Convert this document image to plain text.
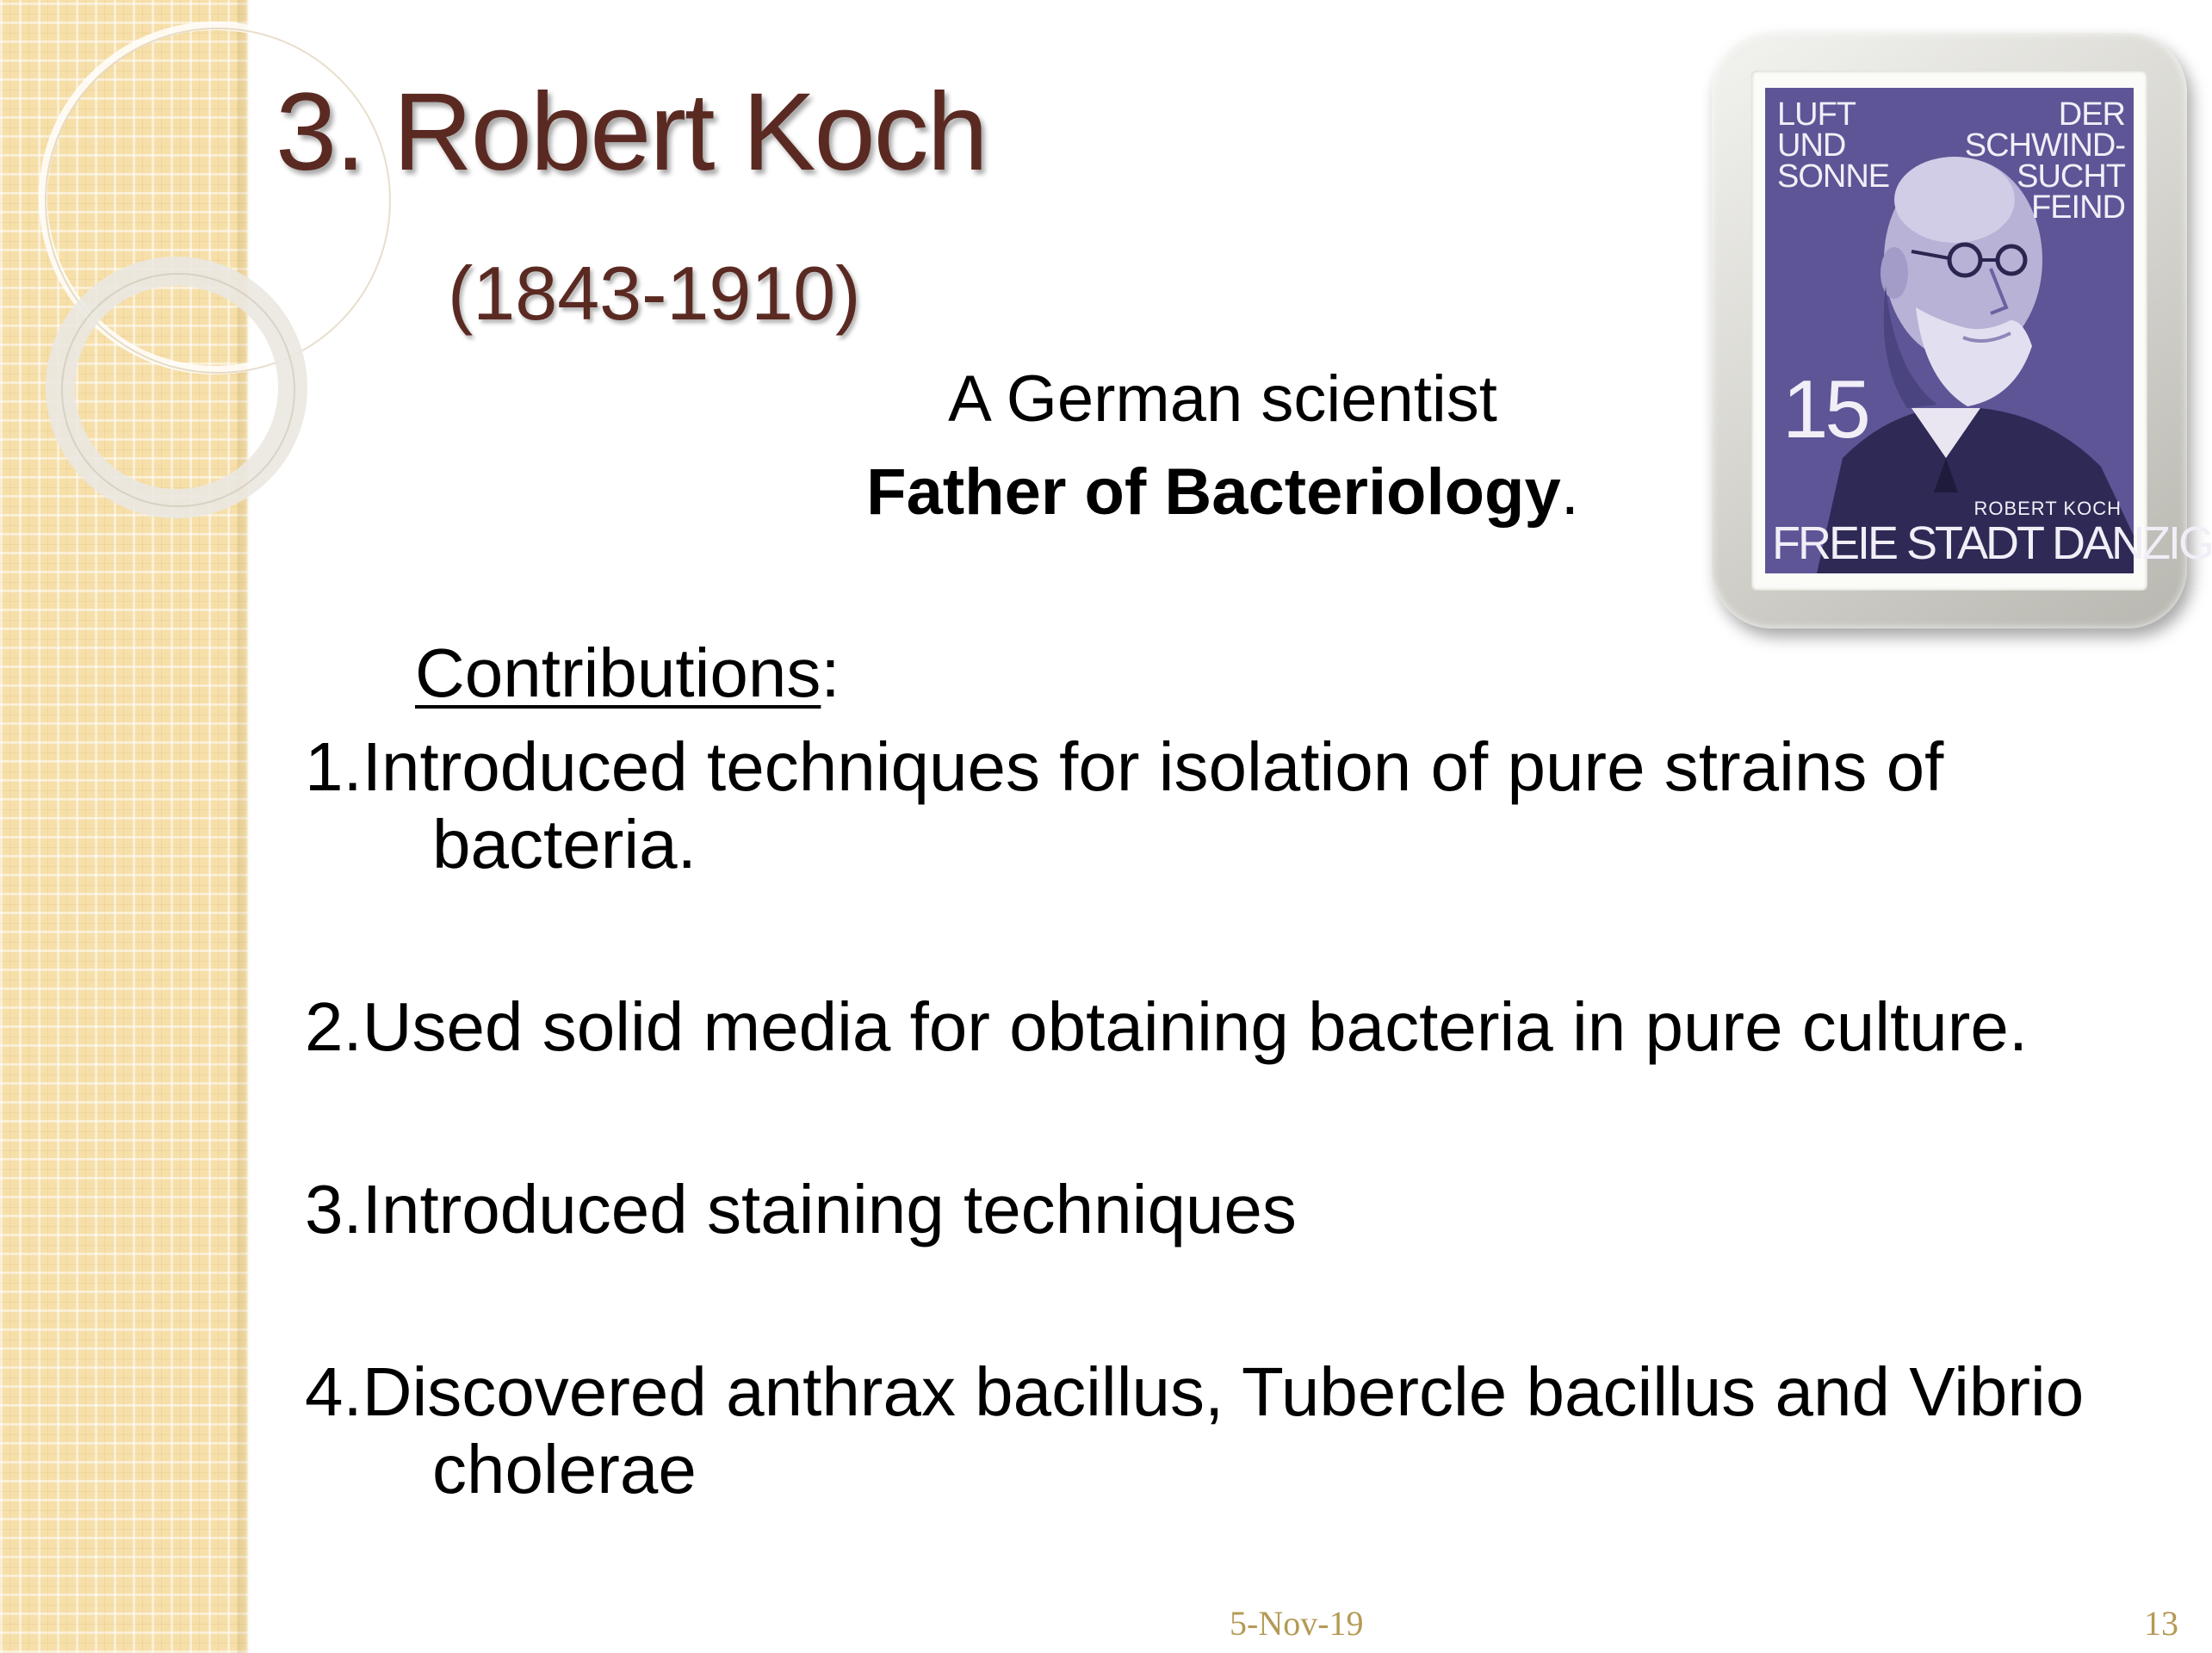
3. Robert Koch
(1843-1910)
A German scientist
Father of Bacteriology.
LUFT
UND
SONNE
DER
SCHWIND-
SUCHT
FEIND
15
ROBERT KOCH
FREIE STADT DANZIG
Contributions:
1.Introduced techniques for isolation of pure strains of bacteria.
2.Used solid media for obtaining bacteria in pure culture.
3.Introduced staining techniques
4.Discovered anthrax bacillus, Tubercle bacillus and Vibrio cholerae
5-Nov-19	13
